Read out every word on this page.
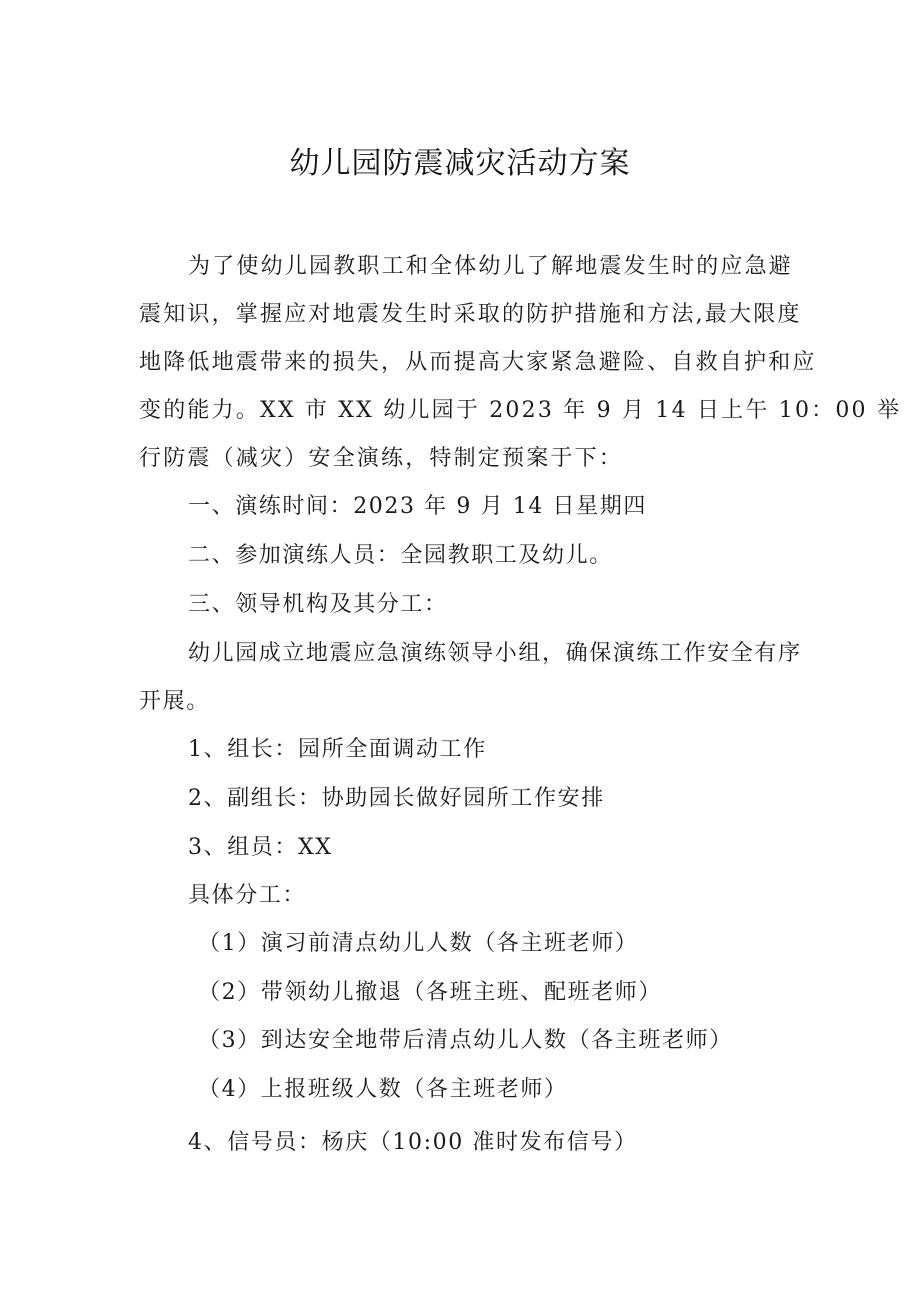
幼儿园防震减灾活动方案
为了使幼儿园教职工和全体幼儿了解地震发生时的应急避
震知识，掌握应对地震发生时采取的防护措施和方法,最大限度
地降低地震带来的损失，从而提高大家紧急避险、自救自护和应
变的能力。XX 市 XX 幼儿园于 2023 年 9 月 14 日上午 10：00 举
行防震（减灾）安全演练，特制定预案于下：
一、演练时间：2023 年 9 月 14 日星期四
二、参加演练人员：全园教职工及幼儿。
三、领导机构及其分工：
幼儿园成立地震应急演练领导小组，确保演练工作安全有序
开展。
1、组长：园所全面调动工作
2、副组长：协助园长做好园所工作安排
3、组员：XX
具体分工：
（1）演习前清点幼儿人数（各主班老师）
（2）带领幼儿撤退（各班主班、配班老师）
（3）到达安全地带后清点幼儿人数（各主班老师）
（4）上报班级人数（各主班老师）
4、信号员：杨庆（10:00 准时发布信号）
